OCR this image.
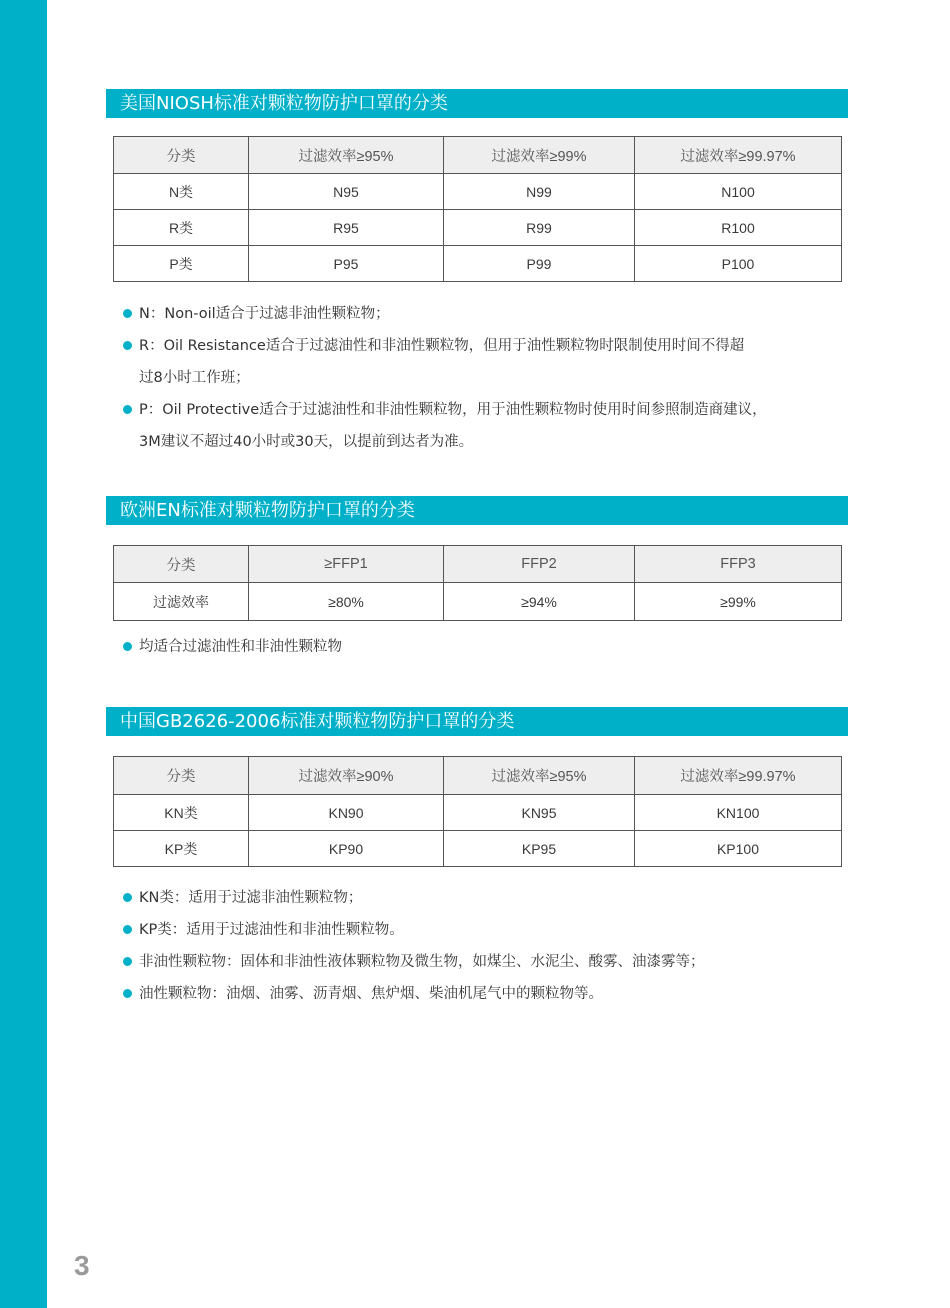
美国NIOSH标准对颗粒物防护口罩的分类
分类	过滤效率≥95%	过滤效率≥99%	过滤效率≥99.97%
N类	N95	N99	N100
R类	R95	R99	R100
P类	P95	P99	P100
N：Non-oil适合于过滤非油性颗粒物；
R：Oil Resistance适合于过滤油性和非油性颗粒物，但用于油性颗粒物时限制使用时间不得超
过8小时工作班；
P：Oil Protective适合于过滤油性和非油性颗粒物，用于油性颗粒物时使用时间参照制造商建议，
3M建议不超过40小时或30天，以提前到达者为准。
欧洲EN标准对颗粒物防护口罩的分类
分类	≥FFP1	FFP2	FFP3
过滤效率	≥80%	≥94%	≥99%
均适合过滤油性和非油性颗粒物
中国GB2626-2006标准对颗粒物防护口罩的分类
分类	过滤效率≥90%	过滤效率≥95%	过滤效率≥99.97%
KN类	KN90	KN95	KN100
KP类	KP90	KP95	KP100
KN类：适用于过滤非油性颗粒物；
KP类：适用于过滤油性和非油性颗粒物。
非油性颗粒物：固体和非油性液体颗粒物及微生物，如煤尘、水泥尘、酸雾、油漆雾等；
油性颗粒物：油烟、油雾、沥青烟、焦炉烟、柴油机尾气中的颗粒物等。
3
